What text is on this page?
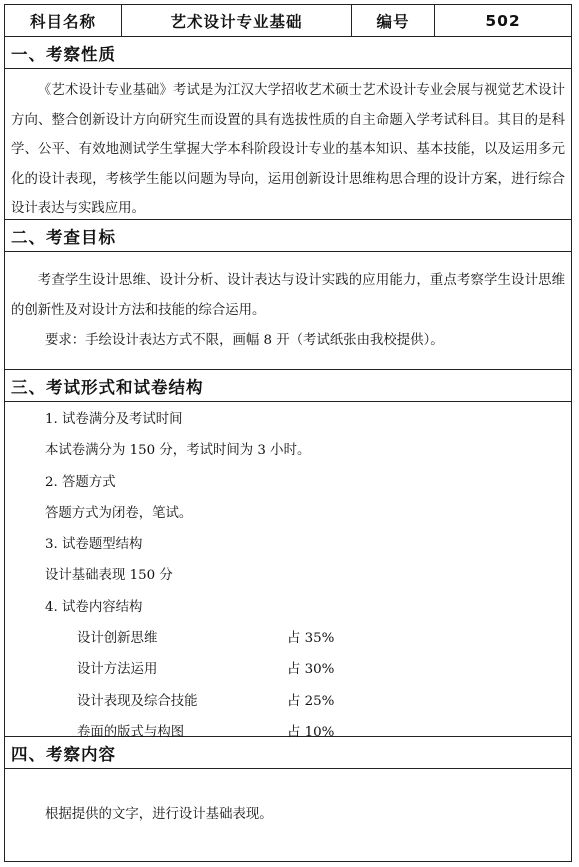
科目名称	艺术设计专业基础	编号	502
一、考察性质
《艺术设计专业基础》考试是为江汉大学招收艺术硕士艺术设计专业会展与视觉艺术设计方向、整合创新设计方向研究生而设置的具有选拔性质的自主命题入学考试科目。其目的是科学、公平、有效地测试学生掌握大学本科阶段设计专业的基本知识、基本技能，以及运用多元化的设计表现，考核学生能以问题为导向，运用创新设计思维构思合理的设计方案，进行综合设计表达与实践应用。
二、考查目标
考查学生设计思维、设计分析、设计表达与设计实践的应用能力，重点考察学生设计思维的创新性及对设计方法和技能的综合运用。
要求：手绘设计表达方式不限，画幅 8 开（考试纸张由我校提供）。
三、考试形式和试卷结构
1. 试卷满分及考试时间
本试卷满分为 150 分，考试时间为 3 小时。
2. 答题方式
答题方式为闭卷，笔试。
3. 试卷题型结构
设计基础表现 150 分
4. 试卷内容结构
设计创新思维	占 35%
设计方法运用	占 30%
设计表现及综合技能	占 25%
卷面的版式与构图	占 10%
四、考察内容
根据提供的文字，进行设计基础表现。
